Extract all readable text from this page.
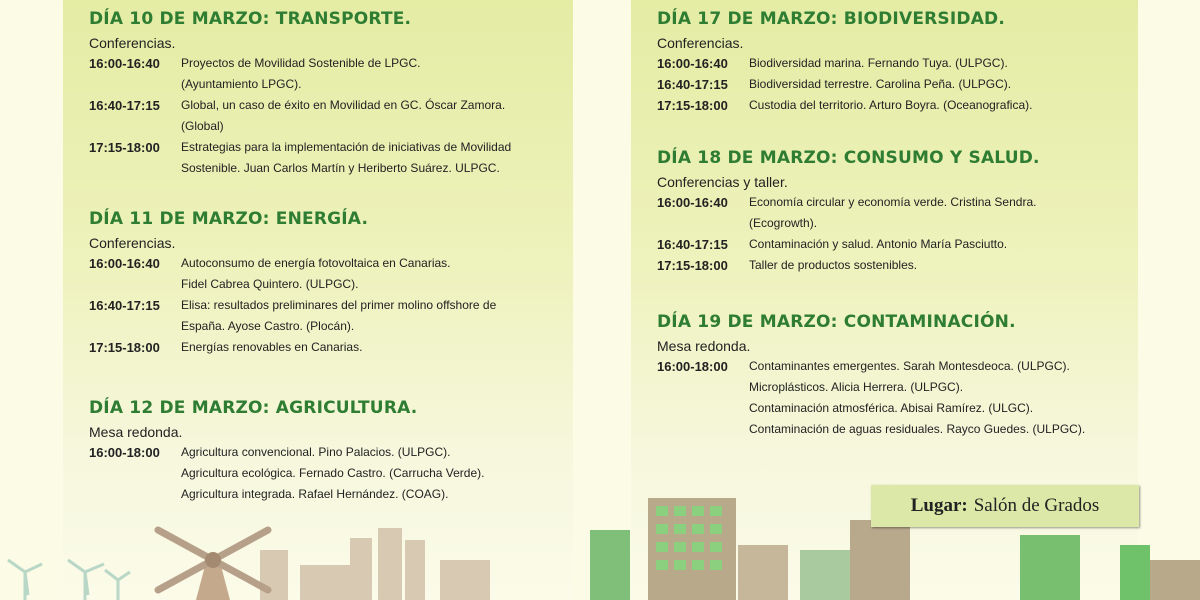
DÍA 10 DE MARZO: TRANSPORTE.
Conferencias.
16:00-16:40	Proyectos de Movilidad Sostenible de LPGC.
(Ayuntamiento LPGC).
16:40-17:15	Global, un caso de éxito en Movilidad en GC. Óscar Zamora.
(Global)
17:15-18:00	Estrategias para la implementación de iniciativas de Movilidad
Sostenible. Juan Carlos Martín y Heriberto Suárez. ULPGC.
DÍA 11 DE MARZO: ENERGÍA.
Conferencias.
16:00-16:40	Autoconsumo de energía fotovoltaica en Canarias.
Fidel Cabrea Quintero. (ULPGC).
16:40-17:15	Elisa: resultados preliminares del primer molino offshore de
España. Ayose Castro. (Plocán).
17:15-18:00	Energías renovables en Canarias.
DÍA 12 DE MARZO: AGRICULTURA.
Mesa redonda.
16:00-18:00	Agricultura convencional. Pino Palacios. (ULPGC).
Agricultura ecológica. Fernado Castro. (Carrucha Verde).
Agricultura integrada. Rafael Hernández. (COAG).
DÍA 17 DE MARZO: BIODIVERSIDAD.
Conferencias.
16:00-16:40	Biodiversidad marina. Fernando Tuya. (ULPGC).
16:40-17:15	Biodiversidad terrestre. Carolina Peña. (ULPGC).
17:15-18:00	Custodia del territorio. Arturo Boyra. (Oceanografica).
DÍA 18 DE MARZO: CONSUMO Y SALUD.
Conferencias y taller.
16:00-16:40	Economía circular y economía verde. Cristina Sendra.
(Ecogrowth).
16:40-17:15	Contaminación y salud. Antonio María Pasciutto.
17:15-18:00	Taller de productos sostenibles.
DÍA 19 DE MARZO: CONTAMINACIÓN.
Mesa redonda.
16:00-18:00	Contaminantes emergentes. Sarah Montesdeoca. (ULPGC).
Microplásticos. Alicia Herrera. (ULPGC).
Contaminación atmosférica. Abisai Ramírez. (ULGC).
Contaminación de aguas residuales. Rayco Guedes. (ULPGC).
Lugar: Salón de Grados
